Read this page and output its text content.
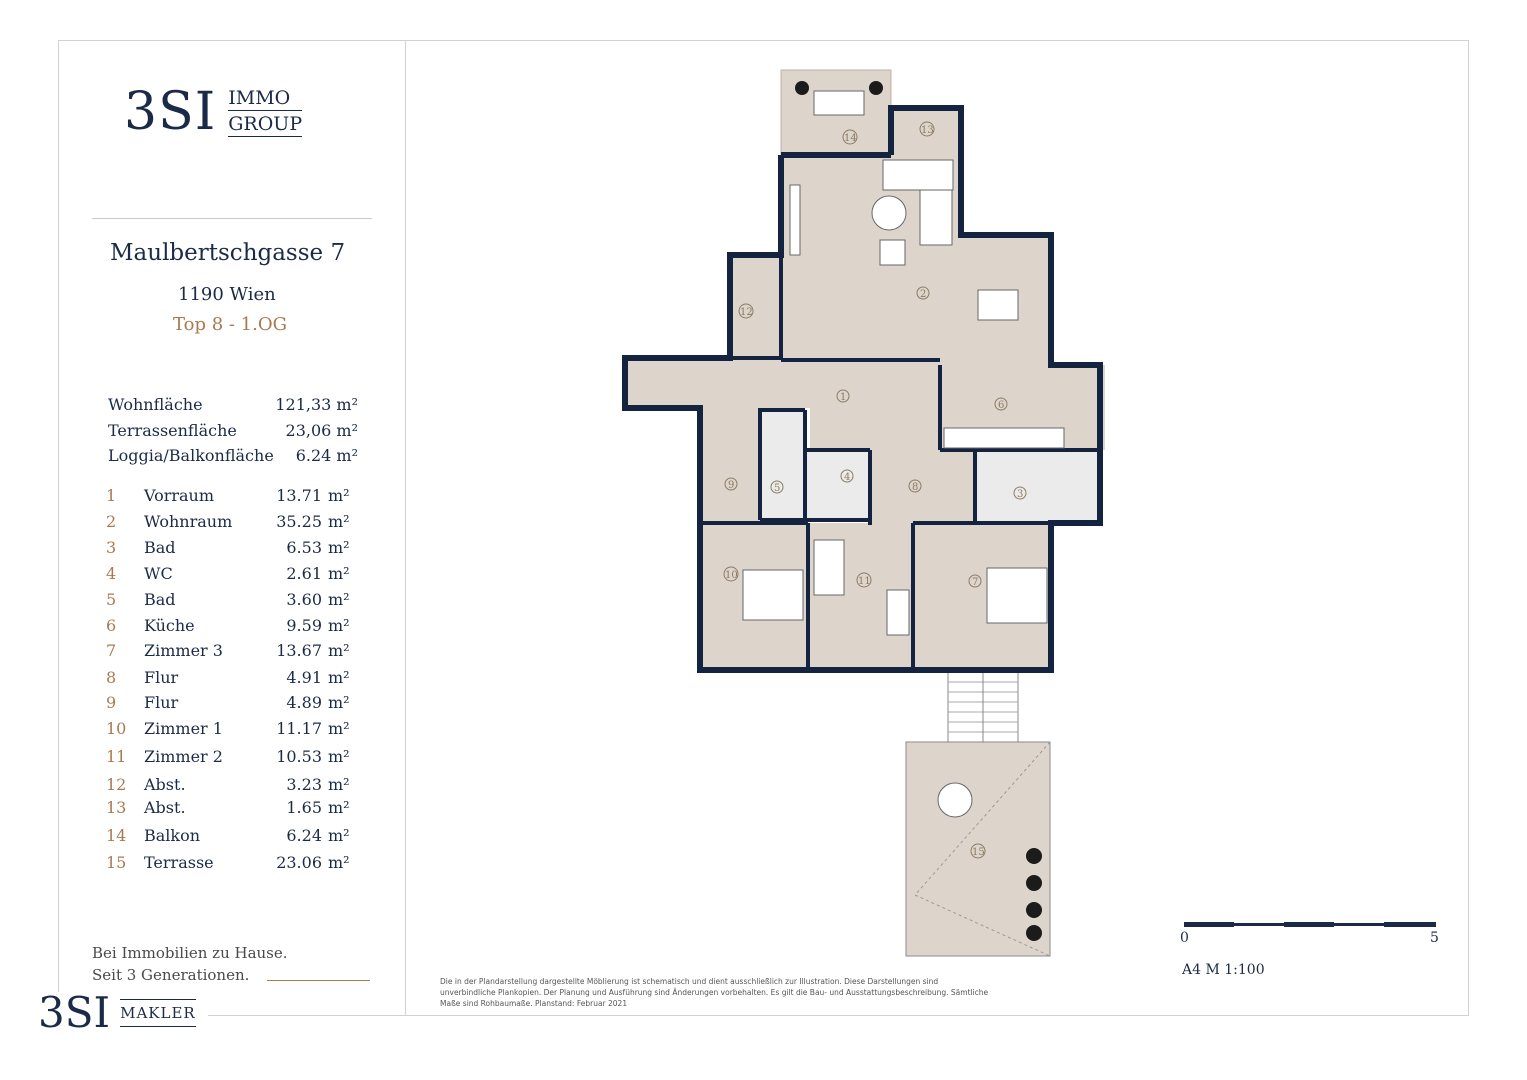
3SI IMMO
GROUP
Maulbertschgasse 7
1190 Wien
Top 8 - 1.OG
Wohnfläche	121,33 m²
Terrassenfläche	23,06 m²
Loggia/Balkonfläche	6.24 m²
1	Vorraum	13.71 m²
2	Wohnraum	35.25 m²
3	Bad	6.53 m²
4	WC	2.61 m²
5	Bad	3.60 m²
6	Küche	9.59 m²
7	Zimmer 3	13.67 m²
8	Flur	4.91 m²
9	Flur	4.89 m²
10	Zimmer 1	11.17 m²
11	Zimmer 2	10.53 m²
12	Abst.	3.23 m²
13	Abst.	1.65 m²
14	Balkon	6.24 m²
15	Terrasse	23.06 m²
Bei Immobilien zu Hause.
Seit 3 Generationen.
3SI MAKLER
1
2
3
4
5
6
7
8
9
10
11
12
13
14
15
Die in der Plandarstellung dargestellte Möblierung ist schematisch und dient ausschließlich zur Illustration. Diese Darstellungen sind unverbindliche Plankopien. Der Planung und Ausführung sind Änderungen vorbehalten. Es gilt die Bau- und Ausstattungsbeschreibung. Sämtliche Maße sind Rohbaumaße. Planstand: Februar 2021
0	5
A4 M 1:100
